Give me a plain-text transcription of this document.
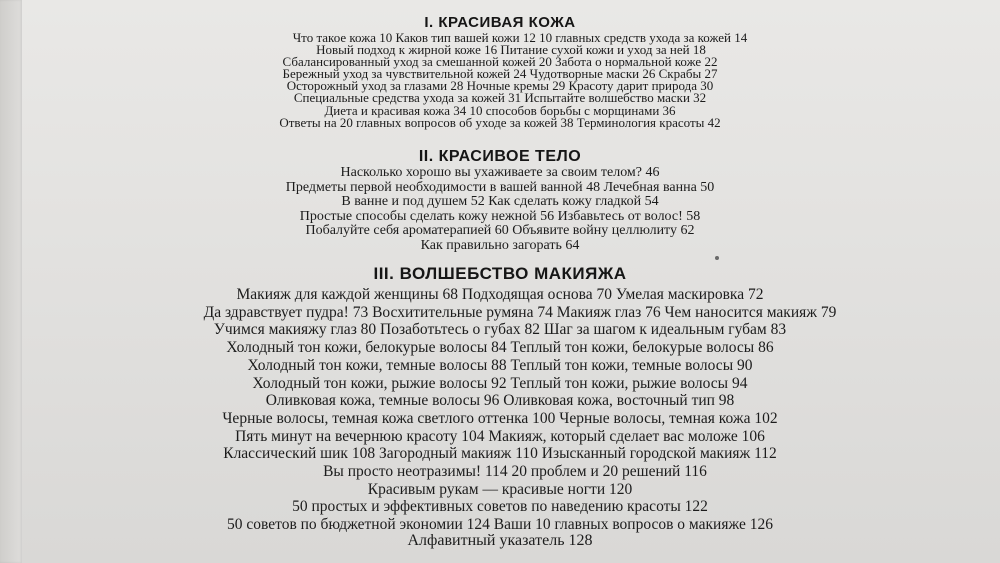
I. КРАСИВАЯ КОЖА
Что такое кожа 10 Каков тип вашей кожи 12 10 главных средств ухода за кожей 14
Новый подход к жирной коже 16 Питание сухой кожи и уход за ней 18
Сбалансированный уход за смешанной кожей 20 Забота о нормальной коже 22
Бережный уход за чувствительной кожей 24 Чудотворные маски 26 Скрабы 27
Осторожный уход за глазами 28 Ночные кремы 29 Красоту дарит природа 30
Специальные средства ухода за кожей 31 Испытайте волшебство маски 32
Диета и красивая кожа 34 10 способов борьбы с морщинами 36
Ответы на 20 главных вопросов об уходе за кожей 38 Терминология красоты 42
II. КРАСИВОЕ ТЕЛО
Насколько хорошо вы ухаживаете за своим телом? 46
Предметы первой необходимости в вашей ванной 48 Лечебная ванна 50
В ванне и под душем 52 Как сделать кожу гладкой 54
Простые способы сделать кожу нежной 56 Избавьтесь от волос! 58
Побалуйте себя ароматерапией 60 Объявите войну целлюлиту 62
Как правильно загорать 64
III. ВОЛШЕБСТВО МАКИЯЖА
Макияж для каждой женщины 68 Подходящая основа 70 Умелая маскировка 72
Да здравствует пудра! 73 Восхитительные румяна 74 Макияж глаз 76 Чем наносится макияж 79
Учимся макияжу глаз 80 Позаботьтесь о губах 82 Шаг за шагом к идеальным губам 83
Холодный тон кожи, белокурые волосы 84 Теплый тон кожи, белокурые волосы 86
Холодный тон кожи, темные волосы 88 Теплый тон кожи, темные волосы 90
Холодный тон кожи, рыжие волосы 92 Теплый тон кожи, рыжие волосы 94
Оливковая кожа, темные волосы 96 Оливковая кожа, восточный тип 98
Черные волосы, темная кожа светлого оттенка 100 Черные волосы, темная кожа 102
Пять минут на вечернюю красоту 104 Макияж, который сделает вас моложе 106
Классический шик 108 Загородный макияж 110 Изысканный городской макияж 112
Вы просто неотразимы! 114 20 проблем и 20 решений 116
Красивым рукам — красивые ногти 120
50 простых и эффективных советов по наведению красоты 122
50 советов по бюджетной экономии 124 Ваши 10 главных вопросов о макияже 126

Алфавитный указатель 128
